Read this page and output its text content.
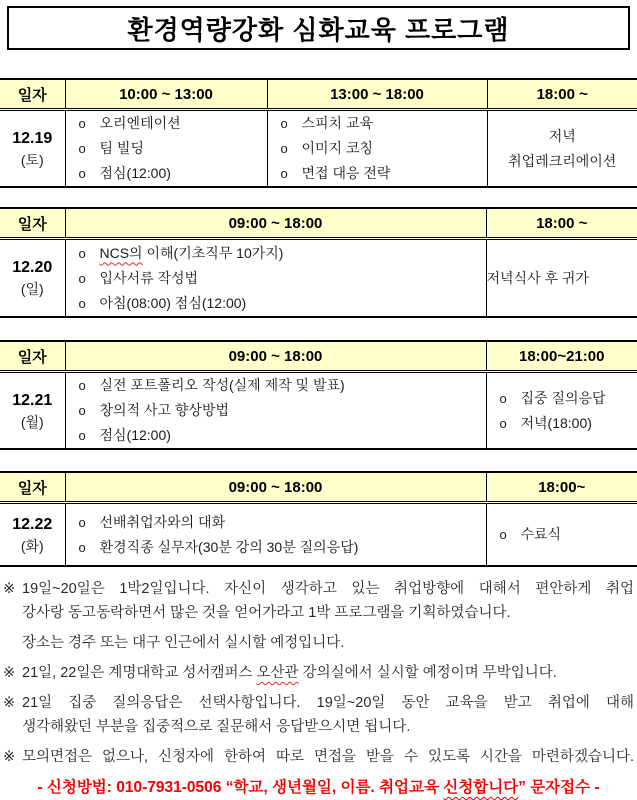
환경역량강화 심화교육 프로그램
일자	10:00 ~ 13:00	13:00 ~ 18:00	18:00 ~

12.19
(토)

o 오리엔테이션
o 팀 빌딩
o 점심(12:00)

o 스피치 교육
o 이미지 코칭
o 면접 대응 전략

저녁
취업레크리에이션
일자	09:00 ~ 18:00	18:00 ~

12.20
(일)

o NCS의 이해(기초직무 10가지)
o 입사서류 작성법
o 아침(08:00) 점심(12:00)
	저녁식사 후 귀가
일자	09:00 ~ 18:00	18:00~21:00

12.21
(월)

o 실전 포트폴리오 작성(실제 제작 및 발표)
o 창의적 사고 향상방법
o 점심(12:00)

o 집중 질의응답
o 저녁(18:00)
일자	09:00 ~ 18:00	18:00~

12.22
(화)

o 선배취업자와의 대화
o 환경직종 실무자(30분 강의 30분 질의응답)

o 수료식
※ 19일~20일은 1박2일입니다. 자신이 생각하고 있는 취업방향에 대해서 편안하게 취업
강사랑 동고동락하면서 많은 것을 얻어가라고 1박 프로그램을 기획하였습니다.
장소는 경주 또는 대구 인근에서 실시할 예정입니다.
※ 21일, 22일은 계명대학교 성서캠퍼스 오산관 강의실에서 실시할 예정이며 무박입니다.
※ 21일 집중 질의응답은 선택사항입니다. 19일~20일 동안 교육을 받고 취업에 대해
생각해왔던 부분을 집중적으로 질문해서 응답받으시면 됩니다.
※ 모의면접은 없으나, 신청자에 한하여 따로 면접을 받을 수 있도록 시간을 마련하겠습니다.
- 신청방법: 010-7931-0506 “학교, 생년월일, 이름. 취업교육 신청합니다” 문자접수 -
